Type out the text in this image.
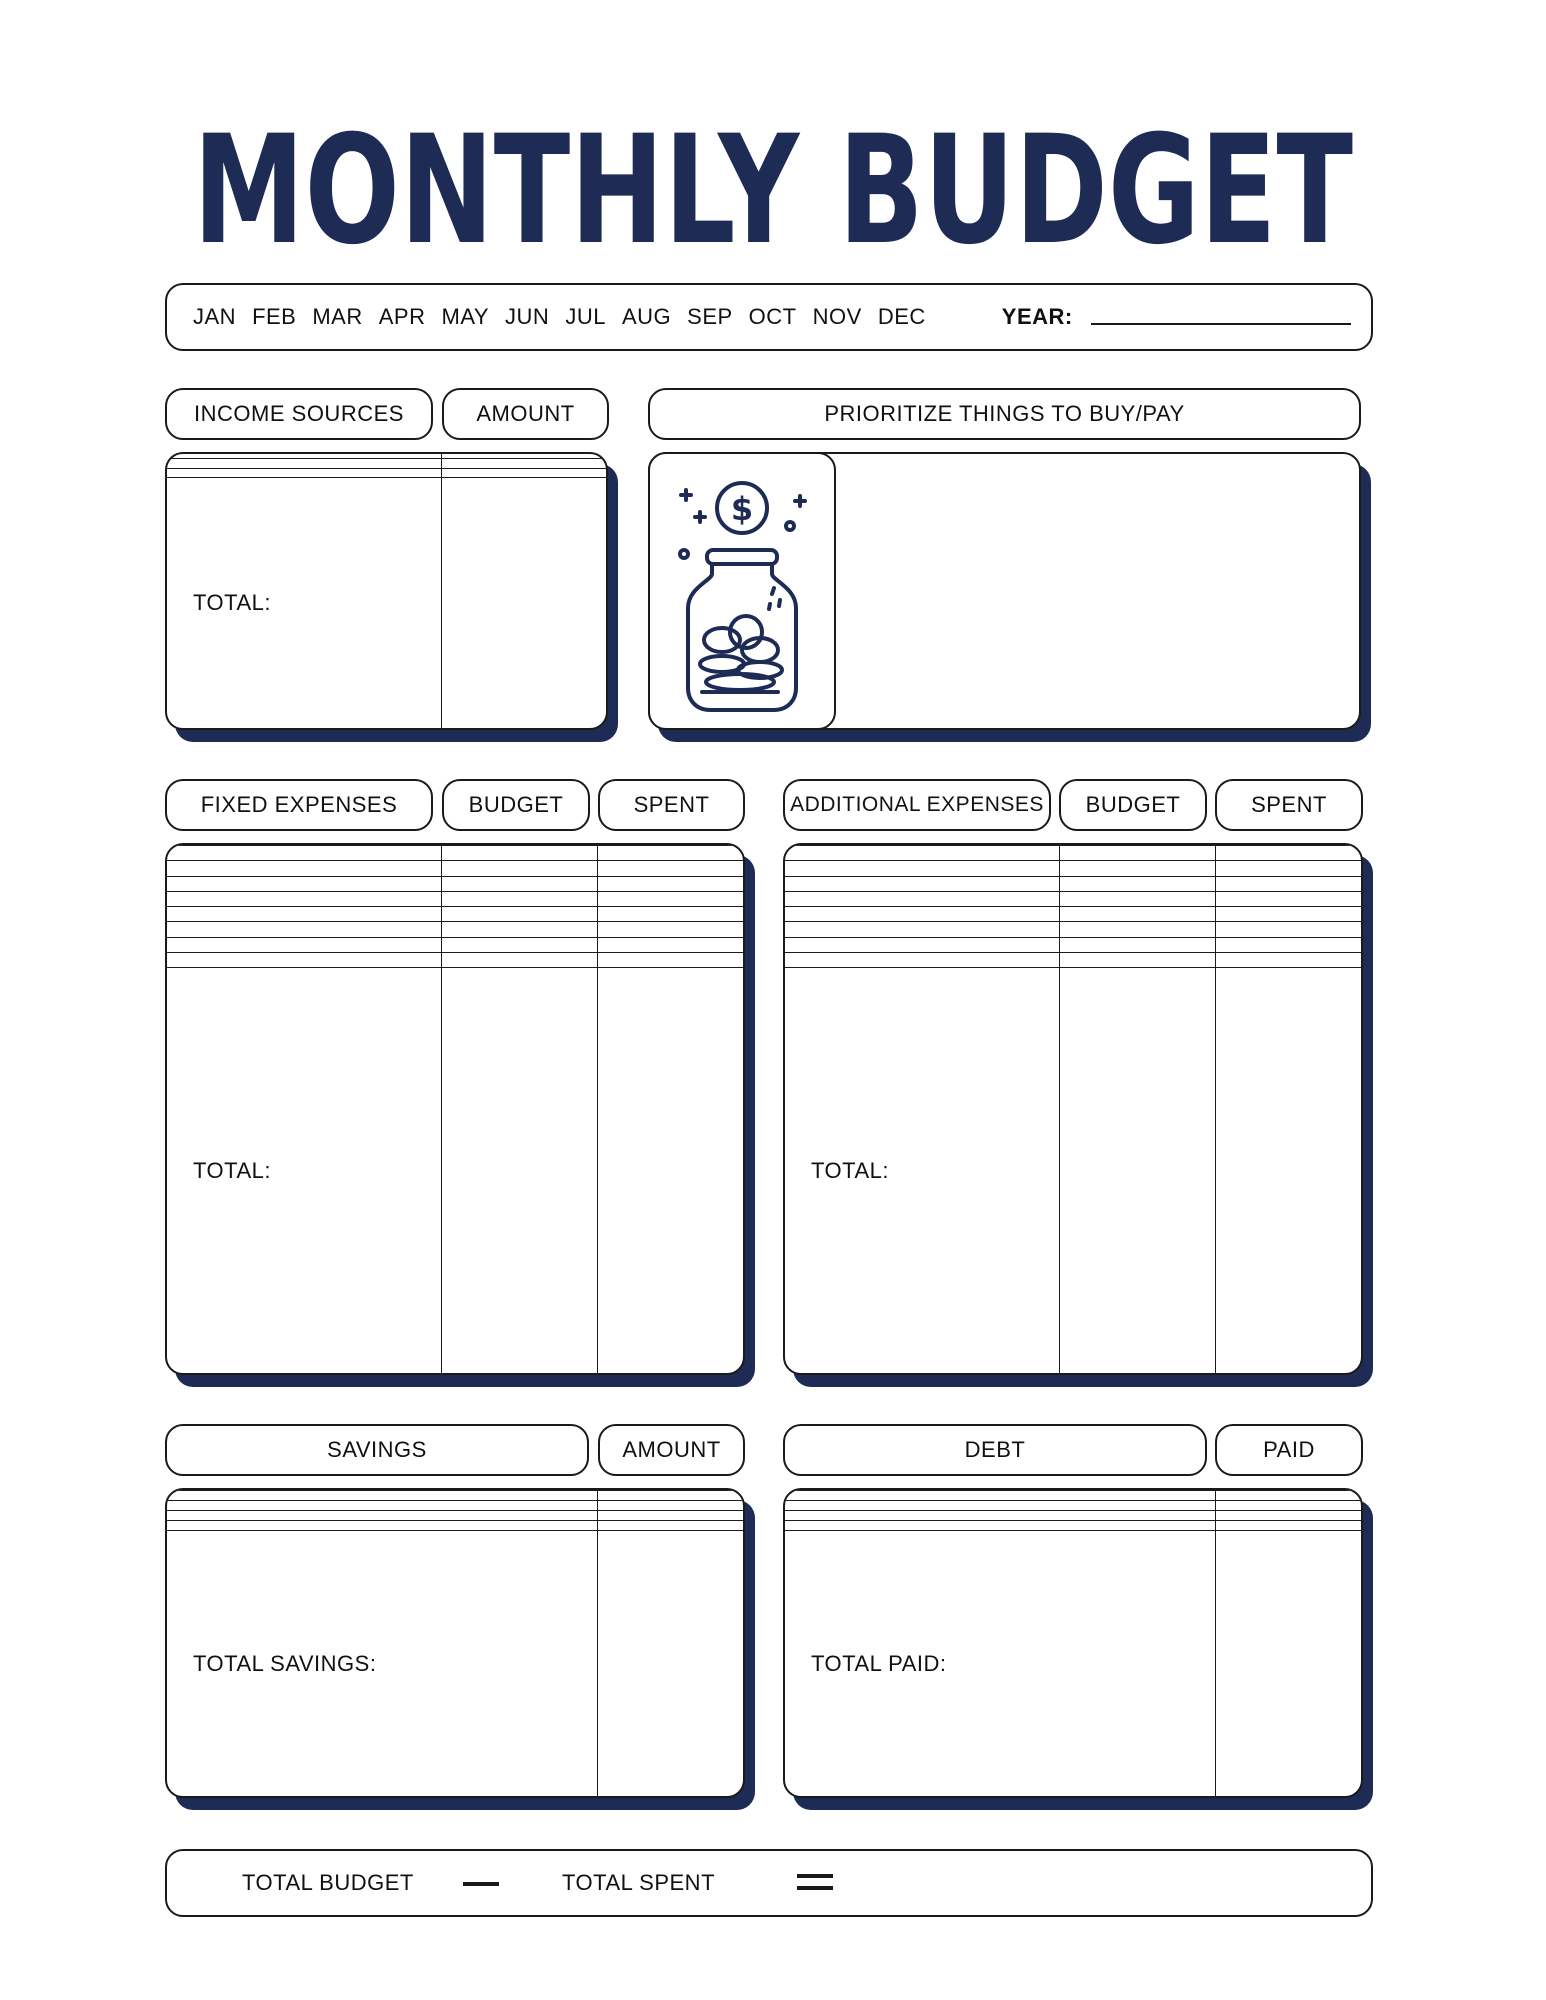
MONTHLY BUDGET
JAN FEB MAR APR MAY JUN JUL AUG SEP OCT NOV DEC	YEAR:
INCOME SOURCES	AMOUNT

TOTAL:	
PRIORITIZE THINGS TO BUY/PAY
$
FIXED EXPENSES	BUDGET	SPENT

TOTAL:		
ADDITIONAL EXPENSES	BUDGET	SPENT

TOTAL:		
SAVINGS	AMOUNT

TOTAL SAVINGS:	
DEBT	PAID

TOTAL PAID:	
TOTAL BUDGET	TOTAL SPENT
